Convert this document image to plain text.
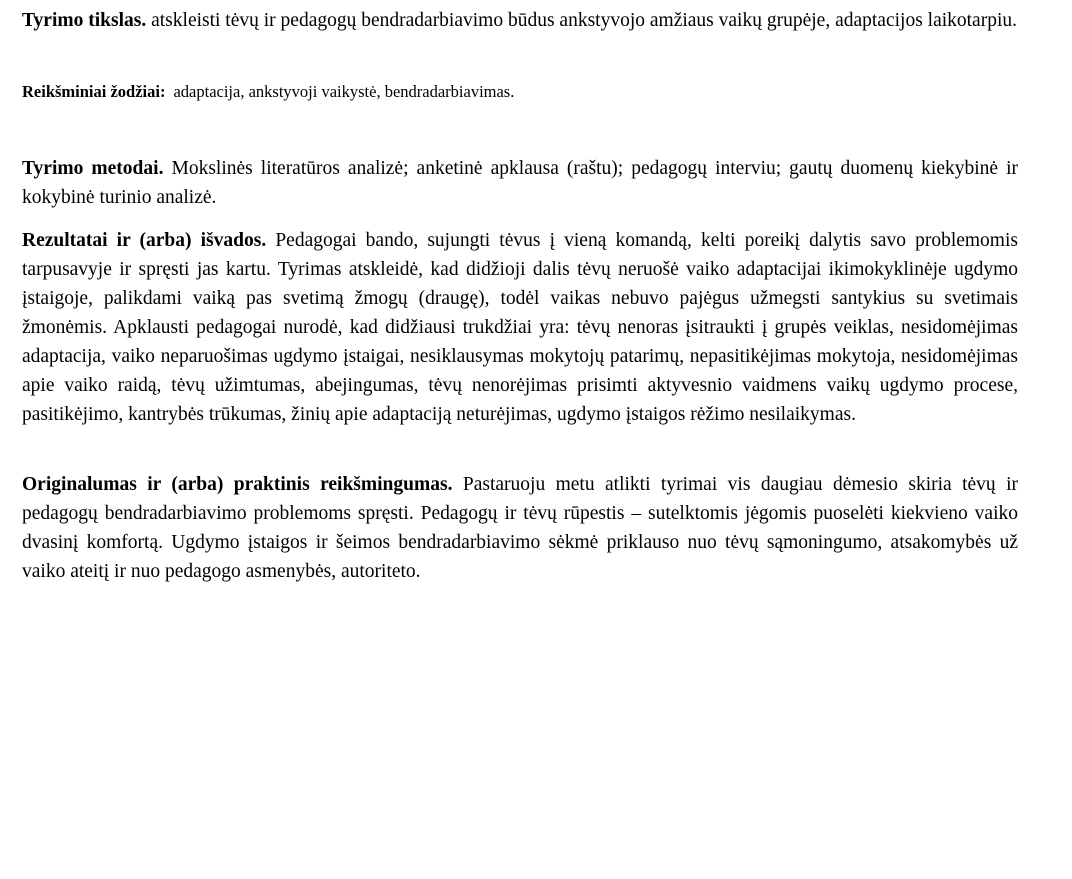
Tyrimo tikslas. atskleisti tėvų ir pedagogų bendradarbiavimo būdus ankstyvojo amžiaus vaikų grupėje, adaptacijos laikotarpiu.

Reikšminiai žodžiai: adaptacija, ankstyvoji vaikystė, bendradarbiavimas.

Tyrimo metodai. Mokslinės literatūros analizė; anketinė apklausa (raštu); pedagogų interviu; gautų duomenų kiekybinė ir kokybinė turinio analizė.

Rezultatai ir (arba) išvados. Pedagogai bando, sujungti tėvus į vieną komandą, kelti poreikį dalytis savo problemomis tarpusavyje ir spręsti jas kartu. Tyrimas atskleidė, kad didžioji dalis tėvų neruošė vaiko adaptacijai ikimokyklinėje ugdymo įstaigoje, palikdami vaiką pas svetimą žmogų (draugę), todėl vaikas nebuvo pajėgus užmegsti santykius su svetimais žmonėmis. Apklausti pedagogai nurodė, kad didžiausi trukdžiai yra: tėvų nenoras įsitraukti į grupės veiklas, nesidomėjimas adaptacija, vaiko neparuošimas ugdymo įstaigai, nesiklausymas mokytojų patarimų, nepasitikėjimas mokytoja, nesidomėjimas apie vaiko raidą, tėvų užimtumas, abejingumas, tėvų nenorėjimas prisimti aktyvesnio vaidmens vaikų ugdymo procese, pasitikėjimo, kantrybės trūkumas, žinių apie adaptaciją neturėjimas, ugdymo įstaigos rėžimo nesilaikymas.

Originalumas ir (arba) praktinis reikšmingumas. Pastaruoju metu atlikti tyrimai vis daugiau dėmesio skiria tėvų ir pedagogų bendradarbiavimo problemoms spręsti. Pedagogų ir tėvų rūpestis – sutelktomis jėgomis puoselėti kiekvieno vaiko dvasinį komfortą. Ugdymo įstaigos ir šeimos bendradarbiavimo sėkmė priklauso nuo tėvų sąmoningumo, atsakomybės už vaiko ateitį ir nuo pedagogo asmenybės, autoriteto.
